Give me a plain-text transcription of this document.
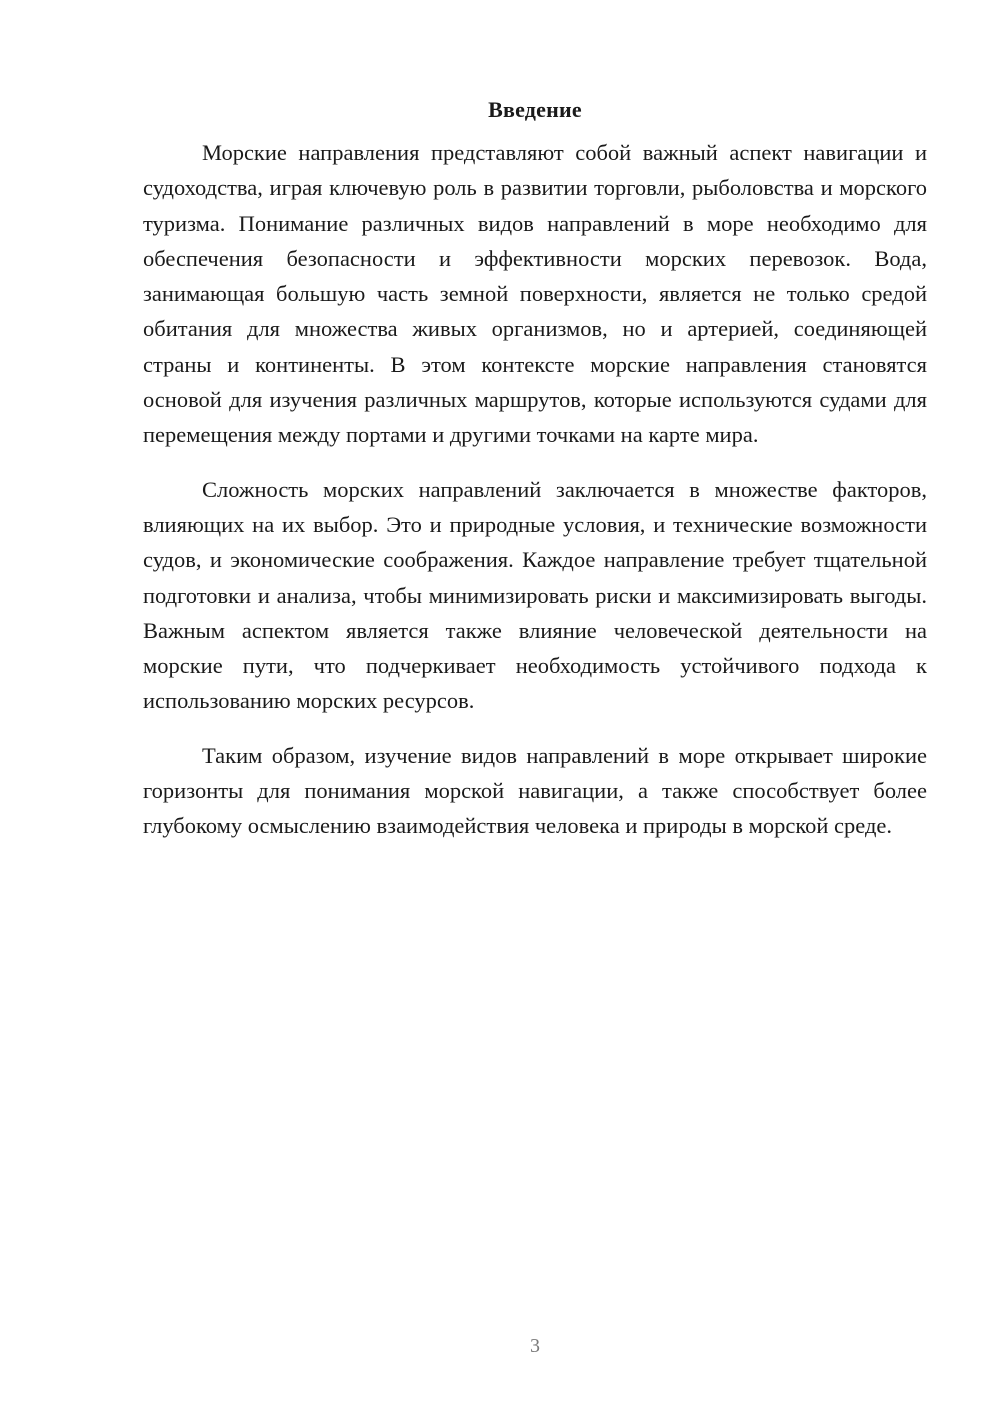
Введение

Морские направления представляют собой важный аспект навигации и судоходства, играя ключевую роль в развитии торговли, рыболовства и морского туризма. Понимание различных видов направлений в море необходимо для обеспечения безопасности и эффективности морских перевозок. Вода, занимающая большую часть земной поверхности, является не только средой обитания для множества живых организмов, но и артерией, соединяющей страны и континенты. В этом контексте морские направления становятся основой для изучения различных маршрутов, которые используются судами для перемещения между портами и другими точками на карте мира.

Сложность морских направлений заключается в множестве факторов, влияющих на их выбор. Это и природные условия, и технические возможности судов, и экономические соображения. Каждое направление требует тщательной подготовки и анализа, чтобы минимизировать риски и максимизировать выгоды. Важным аспектом является также влияние человеческой деятельности на морские пути, что подчеркивает необходимость устойчивого подхода к использованию морских ресурсов.

Таким образом, изучение видов направлений в море открывает широкие горизонты для понимания морской навигации, а также способствует более глубокому осмыслению взаимодействия человека и природы в морской среде.

3
